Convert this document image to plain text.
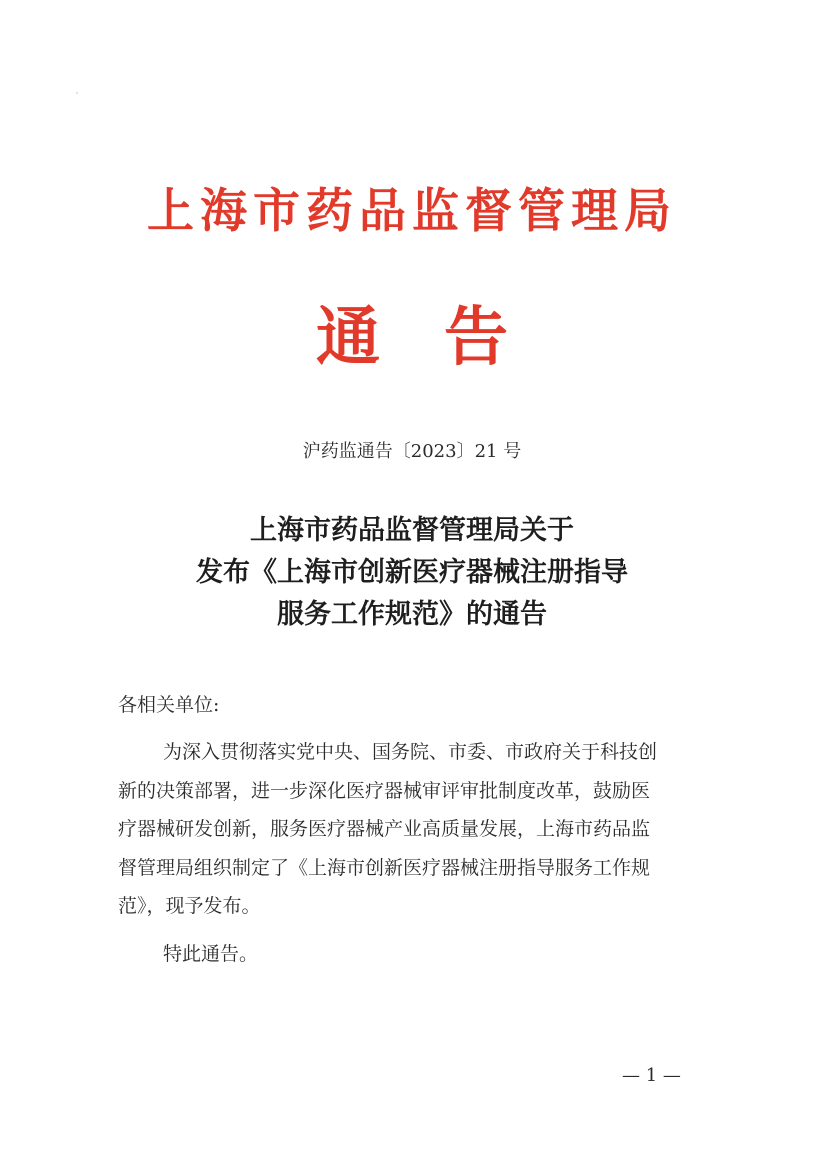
上海市药品监督管理局
通　告
沪药监通告〔2023〕21 号
上海市药品监督管理局关于
发布《上海市创新医疗器械注册指导
服务工作规范》的通告
各相关单位:
为深入贯彻落实党中央、国务院、市委、市政府关于科技创
新的决策部署，进一步深化医疗器械审评审批制度改革，鼓励医
疗器械研发创新，服务医疗器械产业高质量发展，上海市药品监
督管理局组织制定了《上海市创新医疗器械注册指导服务工作规
范》，现予发布。
特此通告。
— 1 —
